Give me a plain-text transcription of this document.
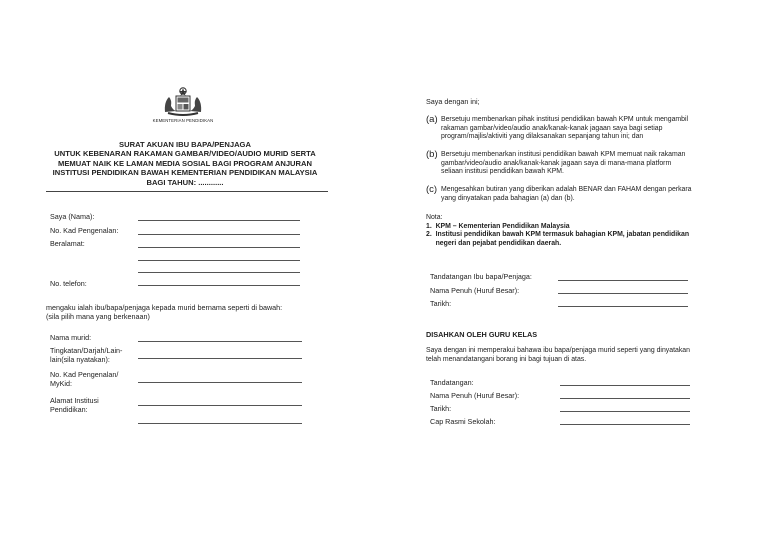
KEMENTERIAN PENDIDIKAN
SURAT AKUAN IBU BAPA/PENJAGA
UNTUK KEBENARAN RAKAMAN GAMBAR/VIDEO/AUDIO MURID SERTA
MEMUAT NAIK KE LAMAN MEDIA SOSIAL BAGI PROGRAM ANJURAN
INSTITUSI PENDIDIKAN BAWAH KEMENTERIAN PENDIDIKAN MALAYSIA
BAGI TAHUN: ............
Saya (Nama):
No. Kad Pengenalan:
Beralamat:
No. telefon:
mengaku ialah ibu/bapa/penjaga kepada murid bernama seperti di bawah:
(sila pilih mana yang berkenaan)
Nama murid:
Tingkatan/Darjah/Lain-
lain(sila nyatakan):
No. Kad Pengenalan/
MyKid:
Alamat Institusi
Pendidikan:
Saya dengan ini;
(a) Bersetuju membenarkan pihak institusi pendidikan bawah KPM untuk mengambil
rakaman gambar/video/audio anak/kanak-kanak jagaan saya bagi setiap
program/majlis/aktiviti yang dilaksanakan sepanjang tahun ini; dan
(b) Bersetuju membenarkan institusi pendidikan bawah KPM memuat naik rakaman
gambar/video/audio anak/kanak-kanak jagaan saya di mana-mana platform
seliaan institusi pendidikan bawah KPM.
(c) Mengesahkan butiran yang diberikan adalah BENAR dan FAHAM dengan perkara
yang dinyatakan pada bahagian (a) dan (b).
Nota:
1.  KPM – Kementerian Pendidikan Malaysia
2.  Institusi pendidikan bawah KPM termasuk bahagian KPM, jabatan pendidikan
negeri dan pejabat pendidikan daerah.
Tandatangan Ibu bapa/Penjaga:
Nama Penuh (Huruf Besar):
Tarikh:
DISAHKAN OLEH GURU KELAS
Saya dengan ini memperakui bahawa ibu bapa/penjaga murid seperti yang dinyatakan
telah menandatangani borang ini bagi tujuan di atas.
Tandatangan:
Nama Penuh (Huruf Besar):
Tarikh:
Cap Rasmi Sekolah:
